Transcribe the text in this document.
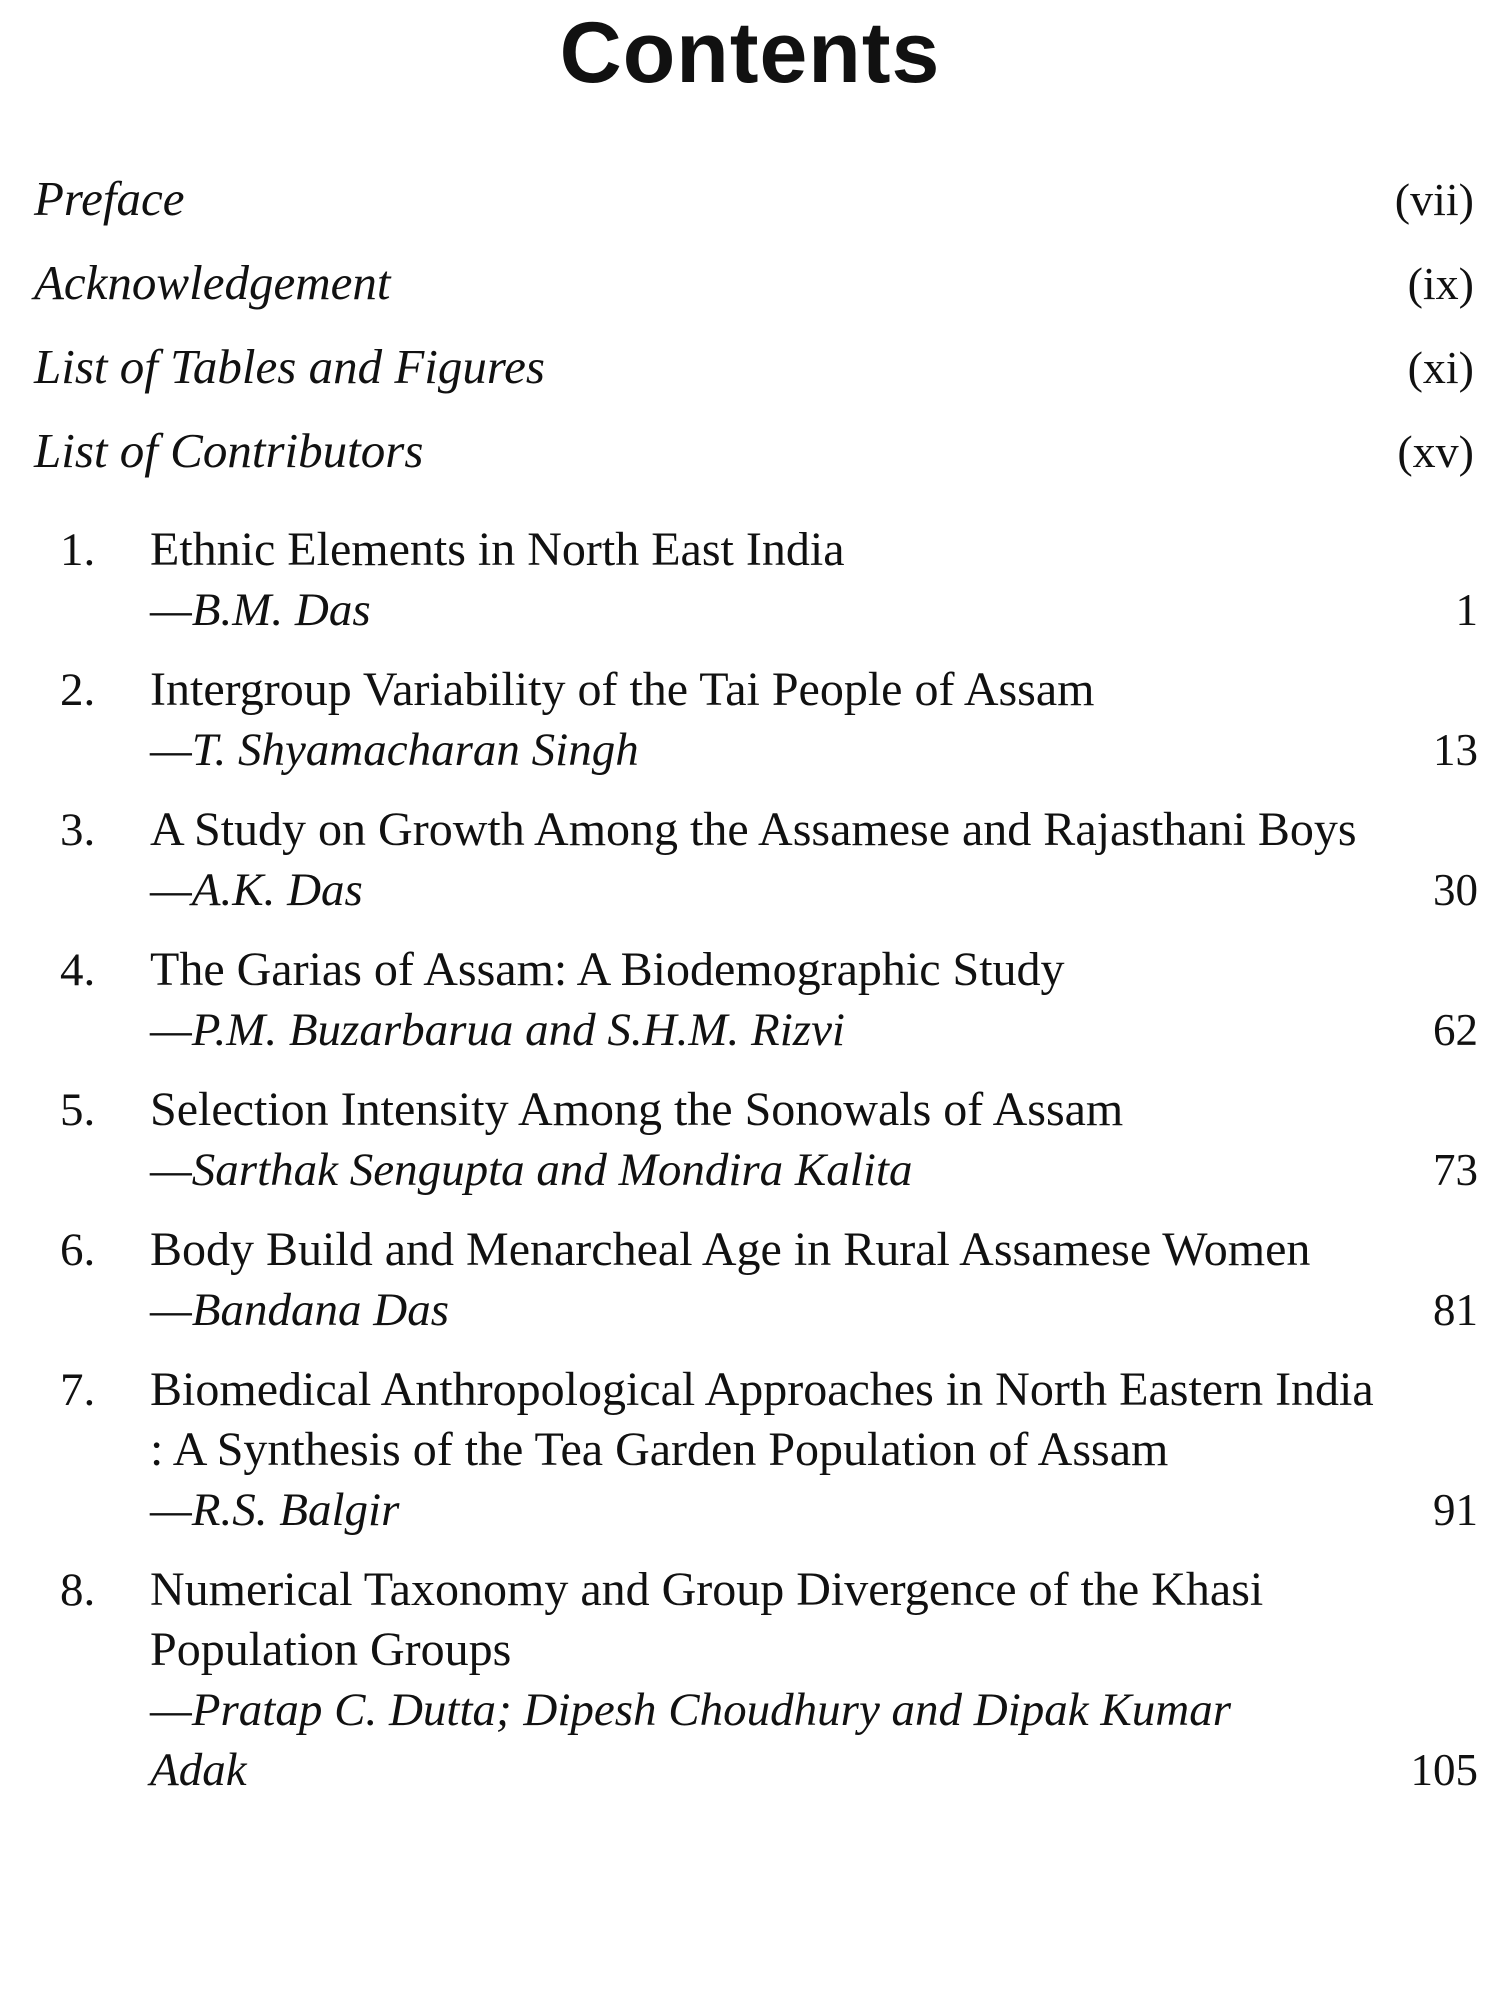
Contents
Preface	(vii)
Acknowledgement	(ix)
List of Tables and Figures	(xi)
List of Contributors	(xv)
1.	Ethnic Elements in North East India
—B.M. Das	1
2.	Intergroup Variability of the Tai People of Assam
—T. Shyamacharan Singh	13
3.	A Study on Growth Among the Assamese and Rajasthani Boys
—A.K. Das	30
4.	The Garias of Assam: A Biodemographic Study
—P.M. Buzarbarua and S.H.M. Rizvi	62
5.	Selection Intensity Among the Sonowals of Assam
—Sarthak Sengupta and Mondira Kalita	73
6.	Body Build and Menarcheal Age in Rural Assamese Women
—Bandana Das	81
7.	Biomedical Anthropological Approaches in North Eastern India : A Synthesis of the Tea Garden Population of Assam
—R.S. Balgir	91
8.	Numerical Taxonomy and Group Divergence of the Khasi Population Groups
—Pratap C. Dutta; Dipesh Choudhury and Dipak Kumar Adak	105
